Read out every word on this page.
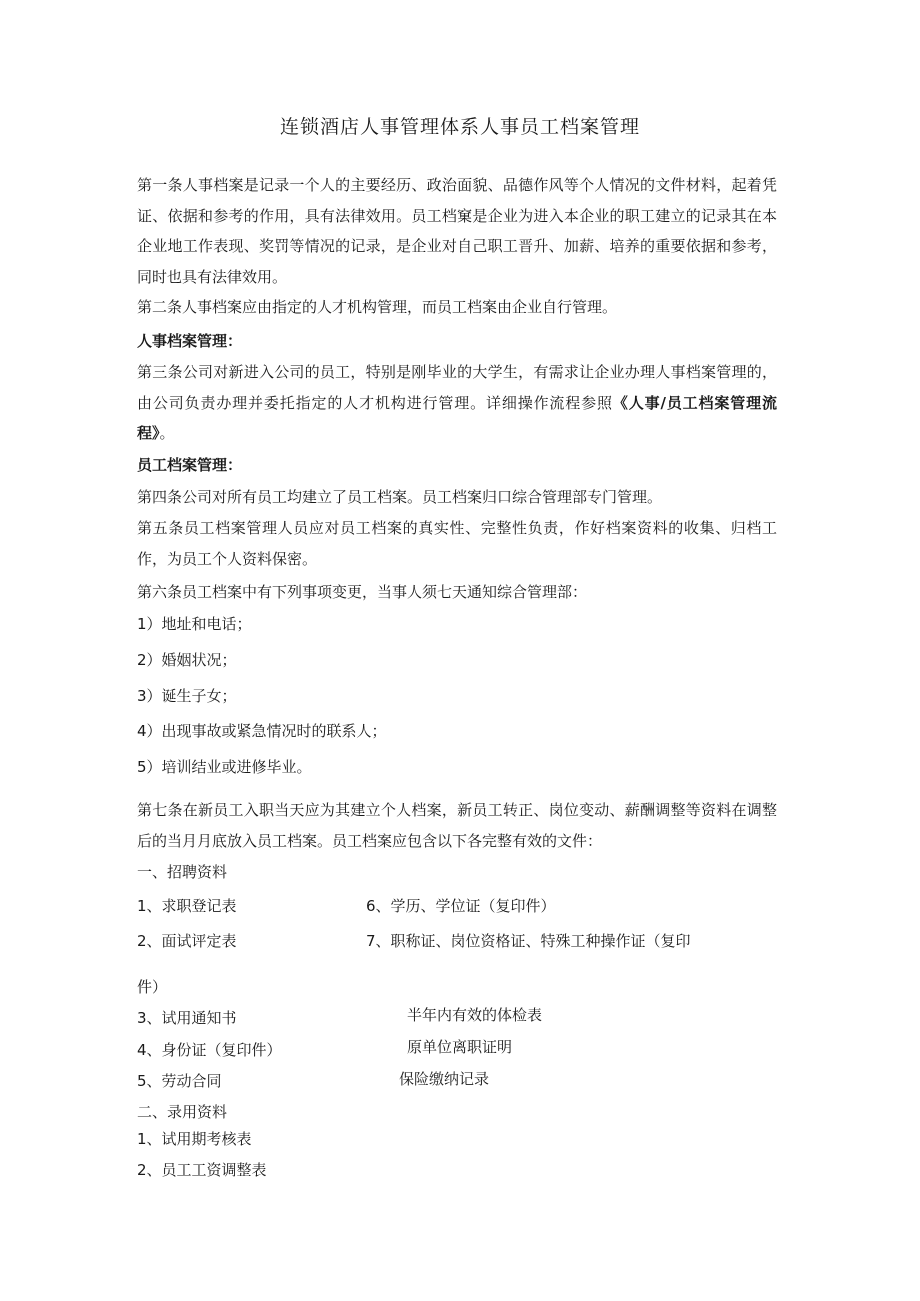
连锁酒店人事管理体系人事员工档案管理
第一条人事档案是记录一个人的主要经历、政治面貌、品德作风等个人情况的文件材料，起着凭证、依据和参考的作用，具有法律效用。员工档窠是企业为进入本企业的职工建立的记录其在本企业地工作表现、奖罚等情况的记录，是企业对自己职工晋升、加薪、培养的重要依据和参考，同时也具有法律效用。
第二条人事档案应由指定的人才机构管理，而员工档案由企业自行管理。
人事档案管理：
第三条公司对新进入公司的员工，特别是刚毕业的大学生，有需求让企业办理人事档案管理的，由公司负责办理并委托指定的人才机构进行管理。详细操作流程参照《人事/员工档案管理流程》。
员工档案管理：
第四条公司对所有员工均建立了员工档案。员工档案归口综合管理部专门管理。
第五条员工档案管理人员应对员工档案的真实性、完整性负责，作好档案资料的收集、归档工作，为员工个人资料保密。
第六条员工档案中有下列事项变更，当事人须七天通知综合管理部：
1）地址和电话；
2）婚姻状况；
3）诞生子女；
4）出现事故或紧急情况时的联系人；
5）培训结业或进修毕业。
第七条在新员工入职当天应为其建立个人档案，新员工转正、岗位变动、薪酬调整等资料在调整后的当月月底放入员工档案。员工档案应包含以下各完整有效的文件：
一、招聘资料
1、求职登记表	6、学历、学位证（复印件）
2、面试评定表	7、职称证、岗位资格证、特殊工种操作证（复印
件）
3、试用通知书	半年内有效的体检表
4、身份证（复印件）	原单位离职证明
5、劳动合同	保险缴纳记录
二、录用资料
1、试用期考核表
2、员工工资调整表
